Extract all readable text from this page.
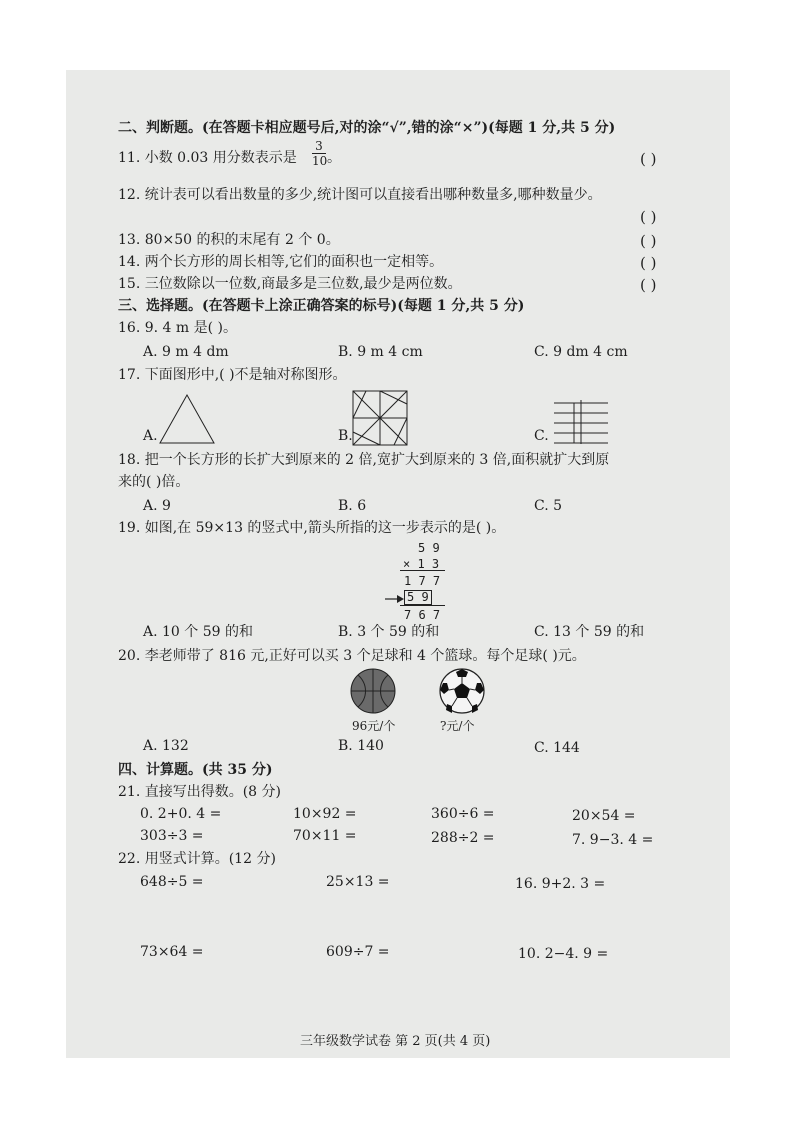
二、判断题。(在答题卡相应题号后,对的涂“√”,错的涂“×”)(每题 1 分,共 5 分)
11. 小数 0.03 用分数表示是
3
10 。	( )
12. 统计表可以看出数量的多少,统计图可以直接看出哪种数量多,哪种数量少。
( )
13. 80×50 的积的末尾有 2 个 0。	( )
14. 两个长方形的周长相等,它们的面积也一定相等。	( )
15. 三位数除以一位数,商最多是三位数,最少是两位数。	( )
三、选择题。(在答题卡上涂正确答案的标号)(每题 1 分,共 5 分)
16. 9. 4 m 是( )。
A. 9 m 4 dm	B. 9 m 4 cm	C. 9 dm 4 cm
17. 下面图形中,( )不是轴对称图形。
A.	B.	C.
18. 把一个长方形的长扩大到原来的 2 倍,宽扩大到原来的 3 倍,面积就扩大到原
来的( )倍。
A. 9	B. 6	C. 5
19. 如图,在 59×13 的竖式中,箭头所指的这一步表示的是( )。
5 9
× 1 3
1 7 7
5 9
7 6 7
A. 10 个 59 的和	B. 3 个 59 的和	C. 13 个 59 的和
20. 李老师带了 816 元,正好可以买 3 个足球和 4 个篮球。每个足球( )元。
96元/个	?元/个
A. 132	B. 140	C. 144
四、计算题。(共 35 分)
21. 直接写出得数。(8 分)
0. 2+0. 4 =	10×92 =	360÷6 =	20×54 =
303÷3 =	70×11 =	288÷2 =	7. 9−3. 4 =
22. 用竖式计算。(12 分)
648÷5 =	25×13 =	16. 9+2. 3 =
73×64 =	609÷7 =	10. 2−4. 9 =
三年级数学试卷 第 2 页(共 4 页)
